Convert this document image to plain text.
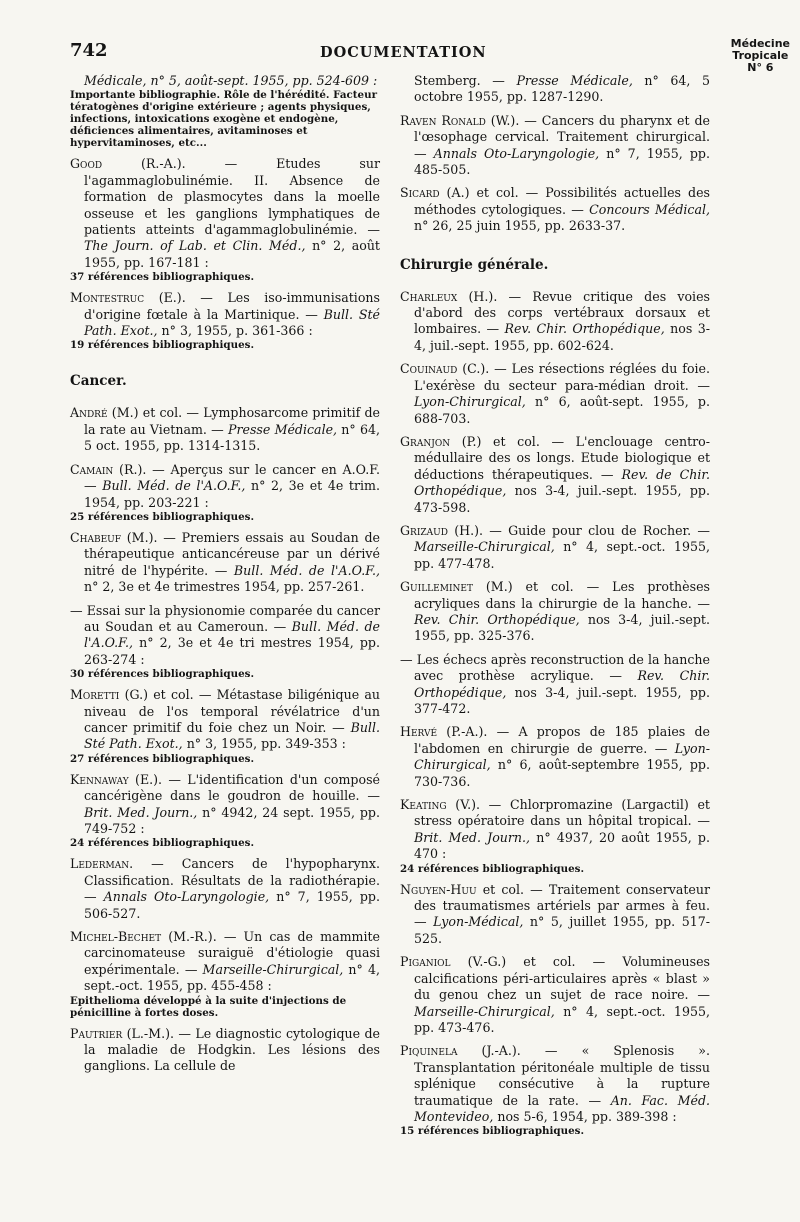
742	DOCUMENTATION
Médecine
Tropicale
N° 6

Médicale, n° 5, août-sept. 1955, pp. 524-609 :
Importante bibliographie. Rôle de l'hérédité. Facteur tératogènes d'origine extérieure ; agents physiques, infections, intoxications exogène et endogène, déficiences alimentaires, avitaminoses et hypervitaminoses, etc...

Good (R.-A.). — Etudes sur l'agammaglobulinémie. II. Absence de formation de plasmocytes dans la moelle osseuse et les ganglions lymphatiques de patients atteints d'agammaglobulinémie. — The Journ. of Lab. et Clin. Méd., n° 2, août 1955, pp. 167-181 :
37 références bibliographiques.

Montestruc (E.). — Les iso-immunisations d'origine fœtale à la Martinique. — Bull. Sté Path. Exot., n° 3, 1955, p. 361-366 :
19 références bibliographiques.

Cancer.

André (M.) et col. — Lymphosarcome primitif de la rate au Vietnam. — Presse Médicale, n° 64, 5 oct. 1955, pp. 1314-1315.

Camain (R.). — Aperçus sur le cancer en A.O.F. — Bull. Méd. de l'A.O.F., n° 2, 3e et 4e trim. 1954, pp. 203-221 :
25 références bibliographiques.

Chabeuf (M.). — Premiers essais au Soudan de thérapeutique anticancéreuse par un dérivé nitré de l'hypérite. — Bull. Méd. de l'A.O.F., n° 2, 3e et 4e trimestres 1954, pp. 257-261.

— Essai sur la physionomie comparée du cancer au Soudan et au Cameroun. — Bull. Méd. de l'A.O.F., n° 2, 3e et 4e tri mestres 1954, pp. 263-274 :
30 références bibliographiques.

Moretti (G.) et col. — Métastase biligénique au niveau de l'os temporal révélatrice d'un cancer primitif du foie chez un Noir. — Bull. Sté Path. Exot., n° 3, 1955, pp. 349-353 :
27 références bibliographiques.

Kennaway (E.). — L'identification d'un composé cancérigène dans le goudron de houille. — Brit. Med. Journ., n° 4942, 24 sept. 1955, pp. 749-752 :
24 références bibliographiques.

Lederman. — Cancers de l'hypopharynx. Classification. Résultats de la radiothérapie. — Annals Oto-Laryngologie, n° 7, 1955, pp. 506-527.

Michel-Bechet (M.-R.). — Un cas de mammite carcinomateuse suraiguë d'étiologie quasi expérimentale. — Marseille-Chirurgical, n° 4, sept.-oct. 1955, pp. 455-458 :
Epithelioma développé à la suite d'injections de pénicilline à fortes doses.

Pautrier (L.-M.). — Le diagnostic cytologique de la maladie de Hodgkin. Les lésions des ganglions. La cellule de

Stemberg. — Presse Médicale, n° 64, 5 octobre 1955, pp. 1287-1290.

Raven Ronald (W.). — Cancers du pharynx et de l'œsophage cervical. Traitement chirurgical. — Annals Oto-Laryngologie, n° 7, 1955, pp. 485-505.

Sicard (A.) et col. — Possibilités actuelles des méthodes cytologiques. — Concours Médical, n° 26, 25 juin 1955, pp. 2633-37.

Chirurgie générale.

Charleux (H.). — Revue critique des voies d'abord des corps vertébraux dorsaux et lombaires. — Rev. Chir. Orthopédique, nos 3-4, juil.-sept. 1955, pp. 602-624.

Couinaud (C.). — Les résections réglées du foie. L'exérèse du secteur para-médian droit. — Lyon-Chirurgical, n° 6, août-sept. 1955, p. 688-703.

Granjon (P.) et col. — L'enclouage centro-médullaire des os longs. Etude biologique et déductions thérapeutiques. — Rev. de Chir. Orthopédique, nos 3-4, juil.-sept. 1955, pp. 473-598.

Grizaud (H.). — Guide pour clou de Rocher. — Marseille-Chirurgical, n° 4, sept.-oct. 1955, pp. 477-478.

Guilleminet (M.) et col. — Les prothèses acryliques dans la chirurgie de la hanche. — Rev. Chir. Orthopédique, nos 3-4, juil.-sept. 1955, pp. 325-376.

— Les échecs après reconstruction de la hanche avec prothèse acrylique. — Rev. Chir. Orthopédique, nos 3-4, juil.-sept. 1955, pp. 377-472.

Hervé (P.-A.). — A propos de 185 plaies de l'abdomen en chirurgie de guerre. — Lyon-Chirurgical, n° 6, août-septembre 1955, pp. 730-736.

Keating (V.). — Chlorpromazine (Largactil) et stress opératoire dans un hôpital tropical. — Brit. Med. Journ., n° 4937, 20 août 1955, p. 470 :
24 références bibliographiques.

Nguyen-Huu et col. — Traitement conservateur des traumatismes artériels par armes à feu. — Lyon-Médical, n° 5, juillet 1955, pp. 517-525.

Piganiol (V.-G.) et col. — Volumineuses calcifications péri-articulaires après « blast » du genou chez un sujet de race noire. — Marseille-Chirurgical, n° 4, sept.-oct. 1955, pp. 473-476.

Piquinela (J.-A.). — « Splenosis ». Transplantation péritonéale multiple de tissu splénique consécutive à la rupture traumatique de la rate. — An. Fac. Méd. Montevideo, nos 5-6, 1954, pp. 389-398 :
15 références bibliographiques.
